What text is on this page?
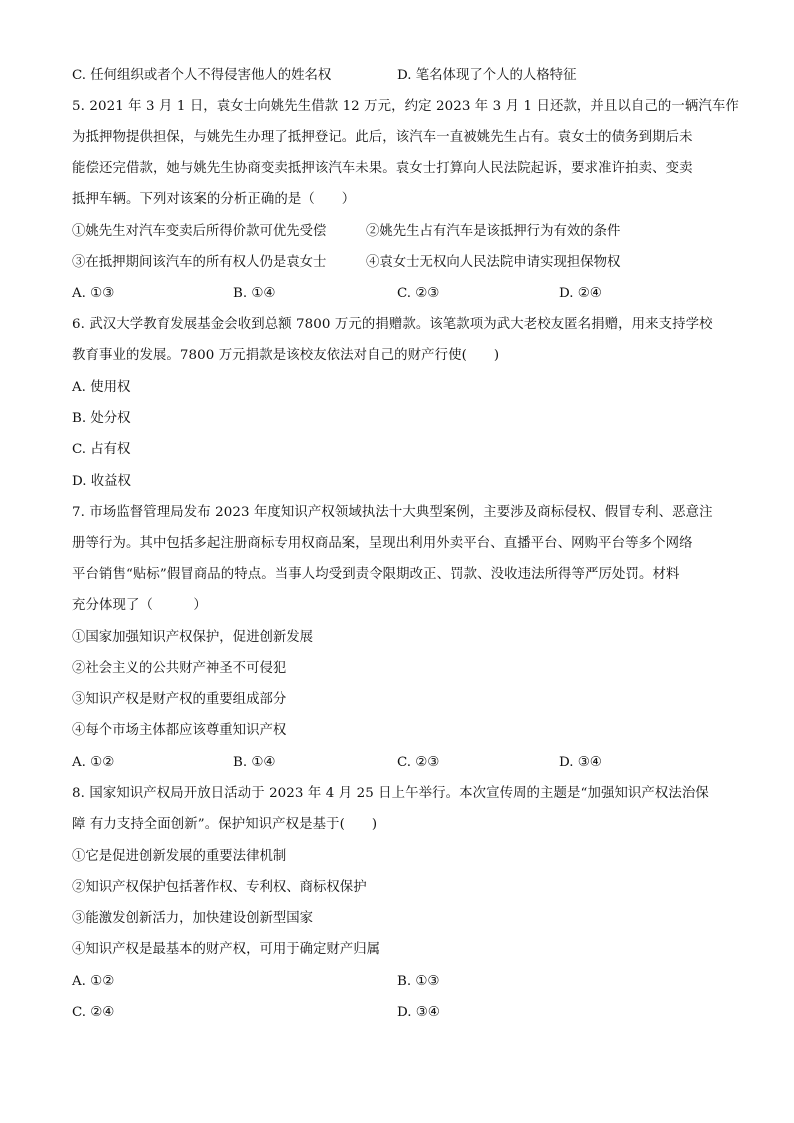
C. 任何组织或者个人不得侵害他人的姓名权	D. 笔名体现了个人的人格特征
5. 2021 年 3 月 1 日，袁女士向姚先生借款 12 万元，约定 2023 年 3 月 1 日还款，并且以自己的一辆汽车作
为抵押物提供担保，与姚先生办理了抵押登记。此后，该汽车一直被姚先生占有。袁女士的债务到期后未
能偿还完借款，她与姚先生协商变卖抵押该汽车未果。袁女士打算向人民法院起诉，要求准许拍卖、变卖
抵押车辆。下列对该案的分析正确的是（　　）
①姚先生对汽车变卖后所得价款可优先受偿	②姚先生占有汽车是该抵押行为有效的条件
③在抵押期间该汽车的所有权人仍是袁女士	④袁女士无权向人民法院申请实现担保物权
A. ①③	B. ①④	C. ②③	D. ②④
6. 武汉大学教育发展基金会收到总额 7800 万元的捐赠款。该笔款项为武大老校友匿名捐赠，用来支持学校
教育事业的发展。7800 万元捐款是该校友依法对自己的财产行使(　　)
A. 使用权
B. 处分权
C. 占有权
D. 收益权
7. 市场监督管理局发布 2023 年度知识产权领域执法十大典型案例，主要涉及商标侵权、假冒专利、恶意注
册等行为。其中包括多起注册商标专用权商品案，呈现出利用外卖平台、直播平台、网购平台等多个网络
平台销售“贴标”假冒商品的特点。当事人均受到责令限期改正、罚款、没收违法所得等严厉处罚。材料
充分体现了（　　　）
①国家加强知识产权保护，促进创新发展
②社会主义的公共财产神圣不可侵犯
③知识产权是财产权的重要组成部分
④每个市场主体都应该尊重知识产权
A. ①②	B. ①④	C. ②③	D. ③④
8. 国家知识产权局开放日活动于 2023 年 4 月 25 日上午举行。本次宣传周的主题是“加强知识产权法治保
障 有力支持全面创新”。保护知识产权是基于(　　)
①它是促进创新发展的重要法律机制
②知识产权保护包括著作权、专利权、商标权保护
③能激发创新活力，加快建设创新型国家
④知识产权是最基本的财产权，可用于确定财产归属
A. ①②	B. ①③
C. ②④	D. ③④
